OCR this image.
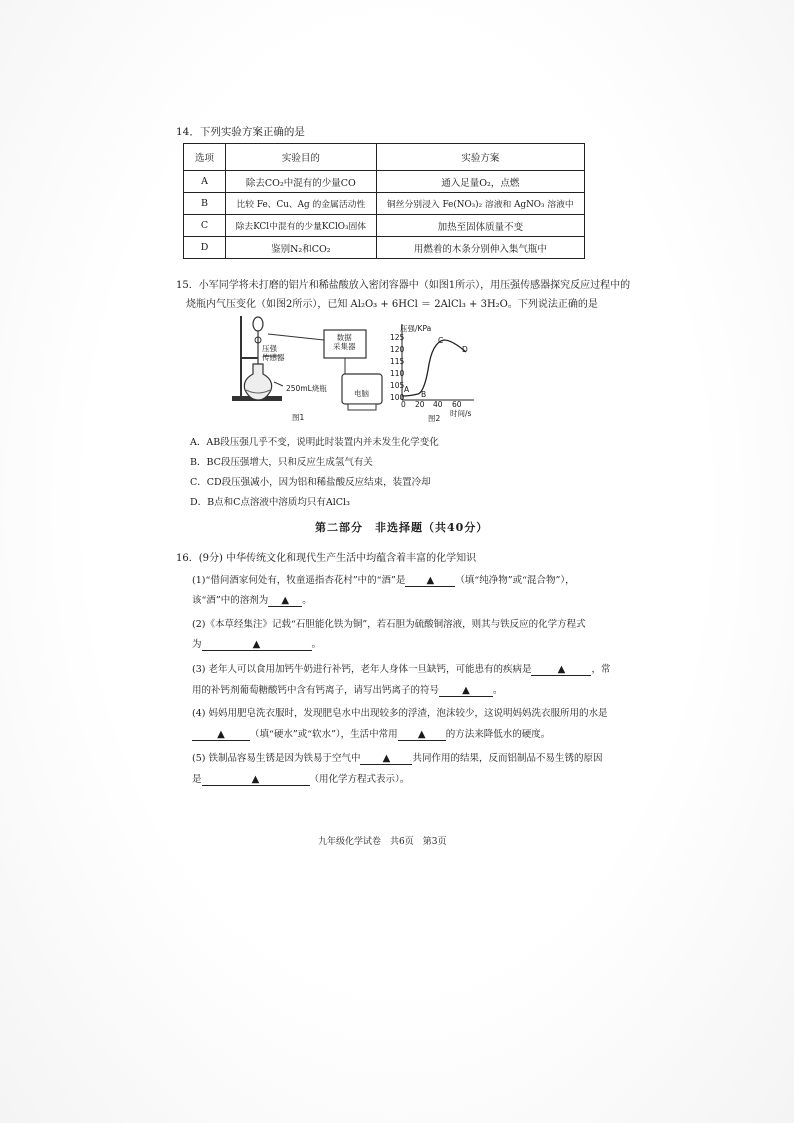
14．下列实验方案正确的是
选项	实验目的	实验方案
A	除去CO₂中混有的少量CO	通入足量O₂，点燃
B	比较 Fe、Cu、Ag 的金属活动性	铜丝分别浸入 Fe(NO₃)₂ 溶液和 AgNO₃ 溶液中
C	除去KCl中混有的少量KClO₃固体	加热至固体质量不变
D	鉴别N₂和CO₂	用燃着的木条分别伸入集气瓶中
15．小军同学将未打磨的铝片和稀盐酸放入密闭容器中（如图1所示），用压强传感器探究反应过程中的
烧瓶内气压变化（如图2所示），已知 Al₂O₃ + 6HCl ＝ 2AlCl₃ + 3H₂O。下列说法正确的是
压强
传感器
数据
采集器
250mL烧瓶
电脑
图1
压强/KPa
125
120
115
110
105
100
0 20 40 60
A
B
C
D
时间/s
图2
A．AB段压强几乎不变，说明此时装置内并未发生化学变化
B．BC段压强增大，只和反应生成氢气有关
C．CD段压强减小，因为铝和稀盐酸反应结束，装置冷却
D．B点和C点溶液中溶质均只有AlCl₃
第二部分　非选择题（共40分）
16．(9分) 中华传统文化和现代生产生活中均蕴含着丰富的化学知识
(1)“借问酒家何处有，牧童遥指杏花村”中的“酒”是 ▲ （填“纯净物”或“混合物”），
该“酒”中的溶剂为 ▲ 。
(2)《本草经集注》记载“石胆能化铁为铜”，若石胆为硫酸铜溶液，则其与铁反应的化学方程式
为	▲	。
(3) 老年人可以食用加钙牛奶进行补钙，老年人身体一旦缺钙，可能患有的疾病是	▲	，常
用的补钙剂葡萄糖酸钙中含有钙离子，请写出钙离子的符号 ▲ 。
(4) 妈妈用肥皂洗衣服时，发现肥皂水中出现较多的浮渣，泡沫较少，这说明妈妈洗衣服所用的水是
▲	（填“硬水”或“软水”），生活中常用 ▲ 的方法来降低水的硬度。
(5) 铁制品容易生锈是因为铁易于空气中 ▲ 共同作用的结果，反而铝制品不易生锈的原因
是	▲	（用化学方程式表示）。
九年级化学试卷　共6页　第3页
